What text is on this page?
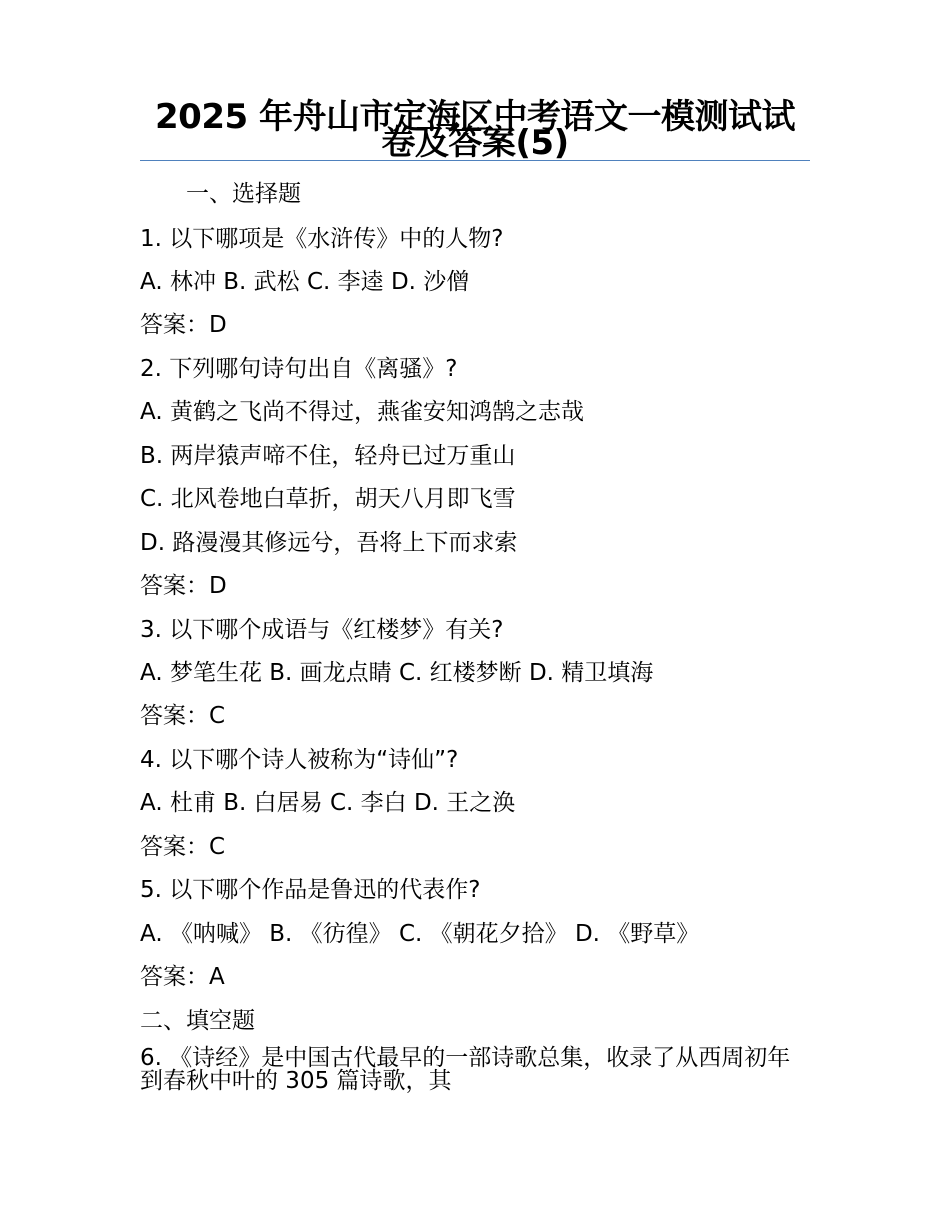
2025 年舟山市定海区中考语文一模测试试卷及答案(5)
一、选择题
1. 以下哪项是《水浒传》中的人物?
A. 林冲 B. 武松 C. 李逵 D. 沙僧
答案：D
2. 下列哪句诗句出自《离骚》?
A. 黄鹤之飞尚不得过，燕雀安知鸿鹄之志哉
B. 两岸猿声啼不住，轻舟已过万重山
C. 北风卷地白草折，胡天八月即飞雪
D. 路漫漫其修远兮，吾将上下而求索
答案：D
3. 以下哪个成语与《红楼梦》有关?
A. 梦笔生花 B. 画龙点睛 C. 红楼梦断 D. 精卫填海
答案：C
4. 以下哪个诗人被称为“诗仙”?
A. 杜甫 B. 白居易 C. 李白 D. 王之涣
答案：C
5. 以下哪个作品是鲁迅的代表作?
A. 《呐喊》 B. 《彷徨》 C. 《朝花夕拾》 D. 《野草》
答案：A
二、填空题
6. 《诗经》是中国古代最早的一部诗歌总集，收录了从西周初年到春秋中叶的 305 篇诗歌，其
